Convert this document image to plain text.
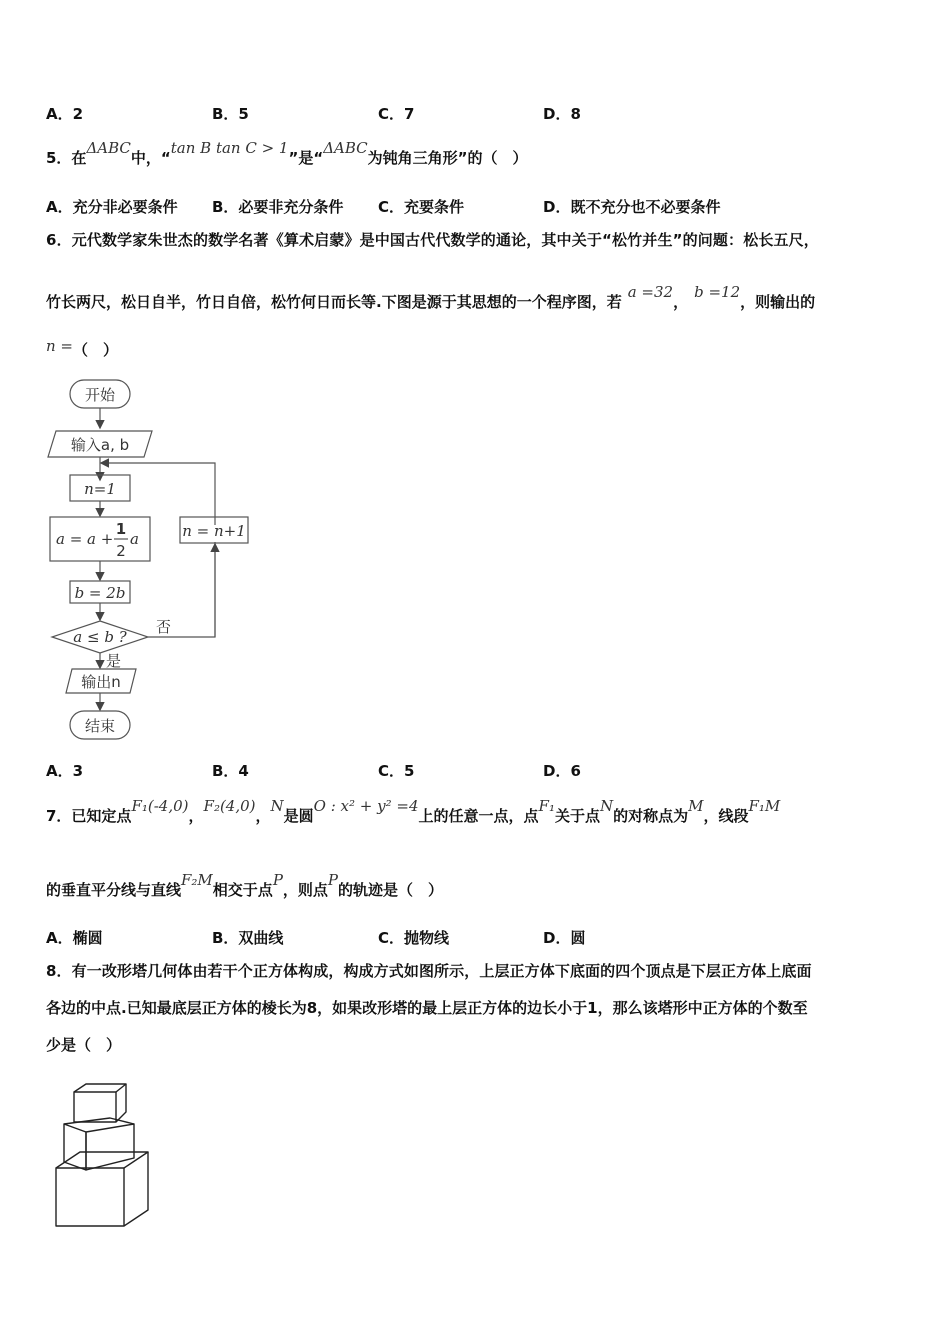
A．2	B．5	C．7	D．8
5．在ΔABC中，“tan B tan C > 1”是“ΔABC为钝角三角形”的（　）
A．充分非必要条件 B．必要非充分条件 C．充要条件	D．既不充分也不必要条件
6．元代数学家朱世杰的数学名著《算术启蒙》是中国古代代数学的通论，其中关于“松竹并生”的问题：松长五尺，
竹长两尺，松日自半，竹日自倍，松竹何日而长等.下图是源于其思想的一个程序图，若a =32，b =12，则输出的
n =（　）
开始
输入a, b
n=1
a = a +
1
2
a
b = 2b
a ≤ b ?
否
是
n = n+1
输出n
结束
A．3	B．4	C．5	D．6
7．已知定点F₁(-4,0)，F₂(4,0)，N是圆O : x² + y² =4上的任意一点，点F₁关于点N的对称点为M，线段F₁M
的垂直平分线与直线F₂M相交于点P，则点P的轨迹是（　）
A．椭圆	B．双曲线	C．抛物线	D．圆
8．有一改形塔几何体由若干个正方体构成，构成方式如图所示，上层正方体下底面的四个顶点是下层正方体上底面
各边的中点.已知最底层正方体的棱长为8，如果改形塔的最上层正方体的边长小于1，那么该塔形中正方体的个数至
少是（　）
